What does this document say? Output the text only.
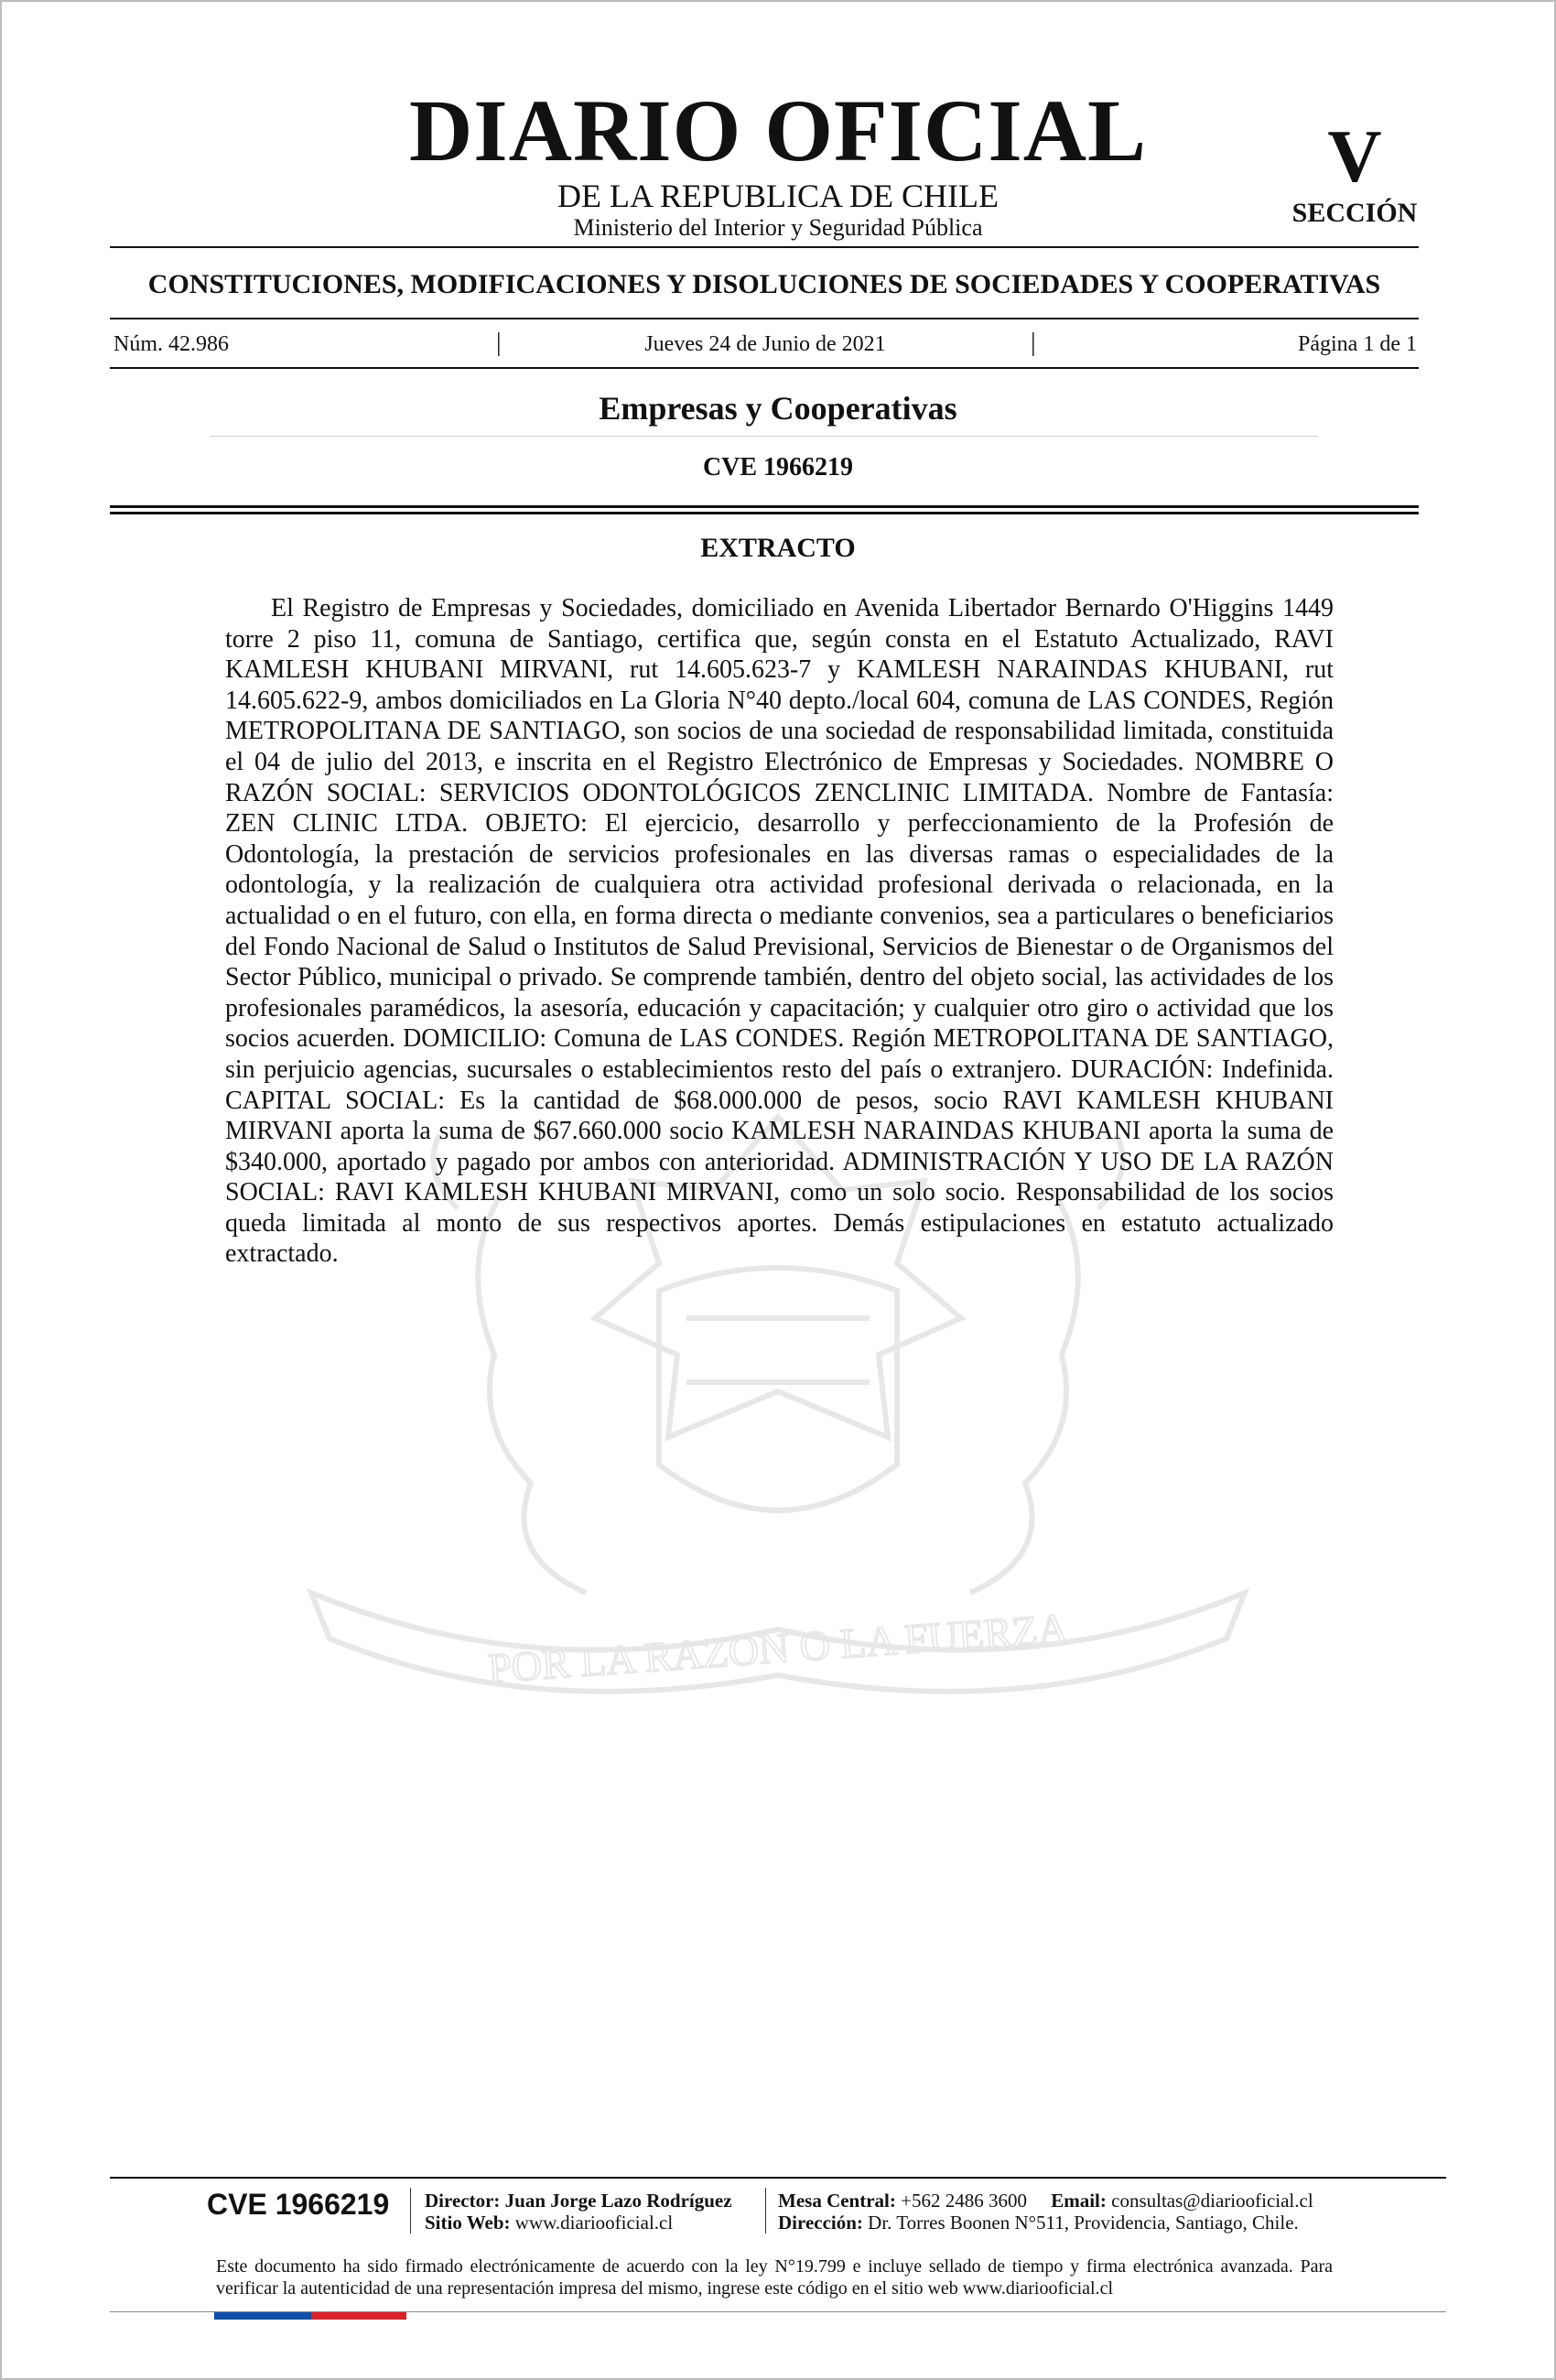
POR LA RAZON O LA FUERZA
DIARIO OFICIAL
DE LA REPUBLICA DE CHILE
Ministerio del Interior y Seguridad Pública
V
SECCIÓN
CONSTITUCIONES, MODIFICACIONES Y DISOLUCIONES DE SOCIEDADES Y COOPERATIVAS
Núm. 42.986	|	Jueves 24 de Junio de 2021	|	Página 1 de 1
Empresas y Cooperativas
CVE 1966219
EXTRACTO

El Registro de Empresas y Sociedades, domiciliado en Avenida Libertador Bernardo O'Higgins 1449 torre 2 piso 11, comuna de Santiago, certifica que, según consta en el Estatuto Actualizado, RAVI KAMLESH KHUBANI MIRVANI, rut 14.605.623-7 y KAMLESH NARAINDAS KHUBANI, rut 14.605.622-9, ambos domiciliados en La Gloria N°40 depto./local 604, comuna de LAS CONDES, Región METROPOLITANA DE SANTIAGO, son socios de una sociedad de responsabilidad limitada, constituida el 04 de julio del 2013, e inscrita en el Registro Electrónico de Empresas y Sociedades. NOMBRE O RAZÓN SOCIAL: SERVICIOS ODONTOLÓGICOS ZENCLINIC LIMITADA. Nombre de Fantasía: ZEN CLINIC LTDA. OBJETO: El ejercicio, desarrollo y perfeccionamiento de la Profesión de Odontología, la prestación de servicios profesionales en las diversas ramas o especialidades de la odontología, y la realización de cualquiera otra actividad profesional derivada o relacionada, en la actualidad o en el futuro, con ella, en forma directa o mediante convenios, sea a particulares o beneficiarios del Fondo Nacional de Salud o Institutos de Salud Previsional, Servicios de Bienestar o de Organismos del Sector Público, municipal o privado. Se comprende también, dentro del objeto social, las actividades de los profesionales paramédicos, la asesoría, educación y capacitación; y cualquier otro giro o actividad que los socios acuerden. DOMICILIO: Comuna de LAS CONDES. Región METROPOLITANA DE SANTIAGO, sin perjuicio agencias, sucursales o establecimientos resto del país o extranjero. DURACIÓN: Indefinida. CAPITAL SOCIAL: Es la cantidad de $68.000.000 de pesos, socio RAVI KAMLESH KHUBANI MIRVANI aporta la suma de $67.660.000 socio KAMLESH NARAINDAS KHUBANI aporta la suma de $340.000, aportado y pagado por ambos con anterioridad. ADMINISTRACIÓN Y USO DE LA RAZÓN SOCIAL: RAVI KAMLESH KHUBANI MIRVANI, como un solo socio. Responsabilidad de los socios queda limitada al monto de sus respectivos aportes. Demás estipulaciones en estatuto actualizado extractado.

CVE 1966219 Director: Juan Jorge Lazo Rodríguez
Sitio Web: www.diariooficial.cl
Mesa Central: +562 2486 3600 Email: consultas@diariooficial.cl
Dirección: Dr. Torres Boonen N°511, Providencia, Santiago, Chile.
Este documento ha sido firmado electrónicamente de acuerdo con la ley N°19.799 e incluye sellado de tiempo y firma electrónica avanzada. Para verificar la autenticidad de una representación impresa del mismo, ingrese este código en el sitio web www.diariooficial.cl
